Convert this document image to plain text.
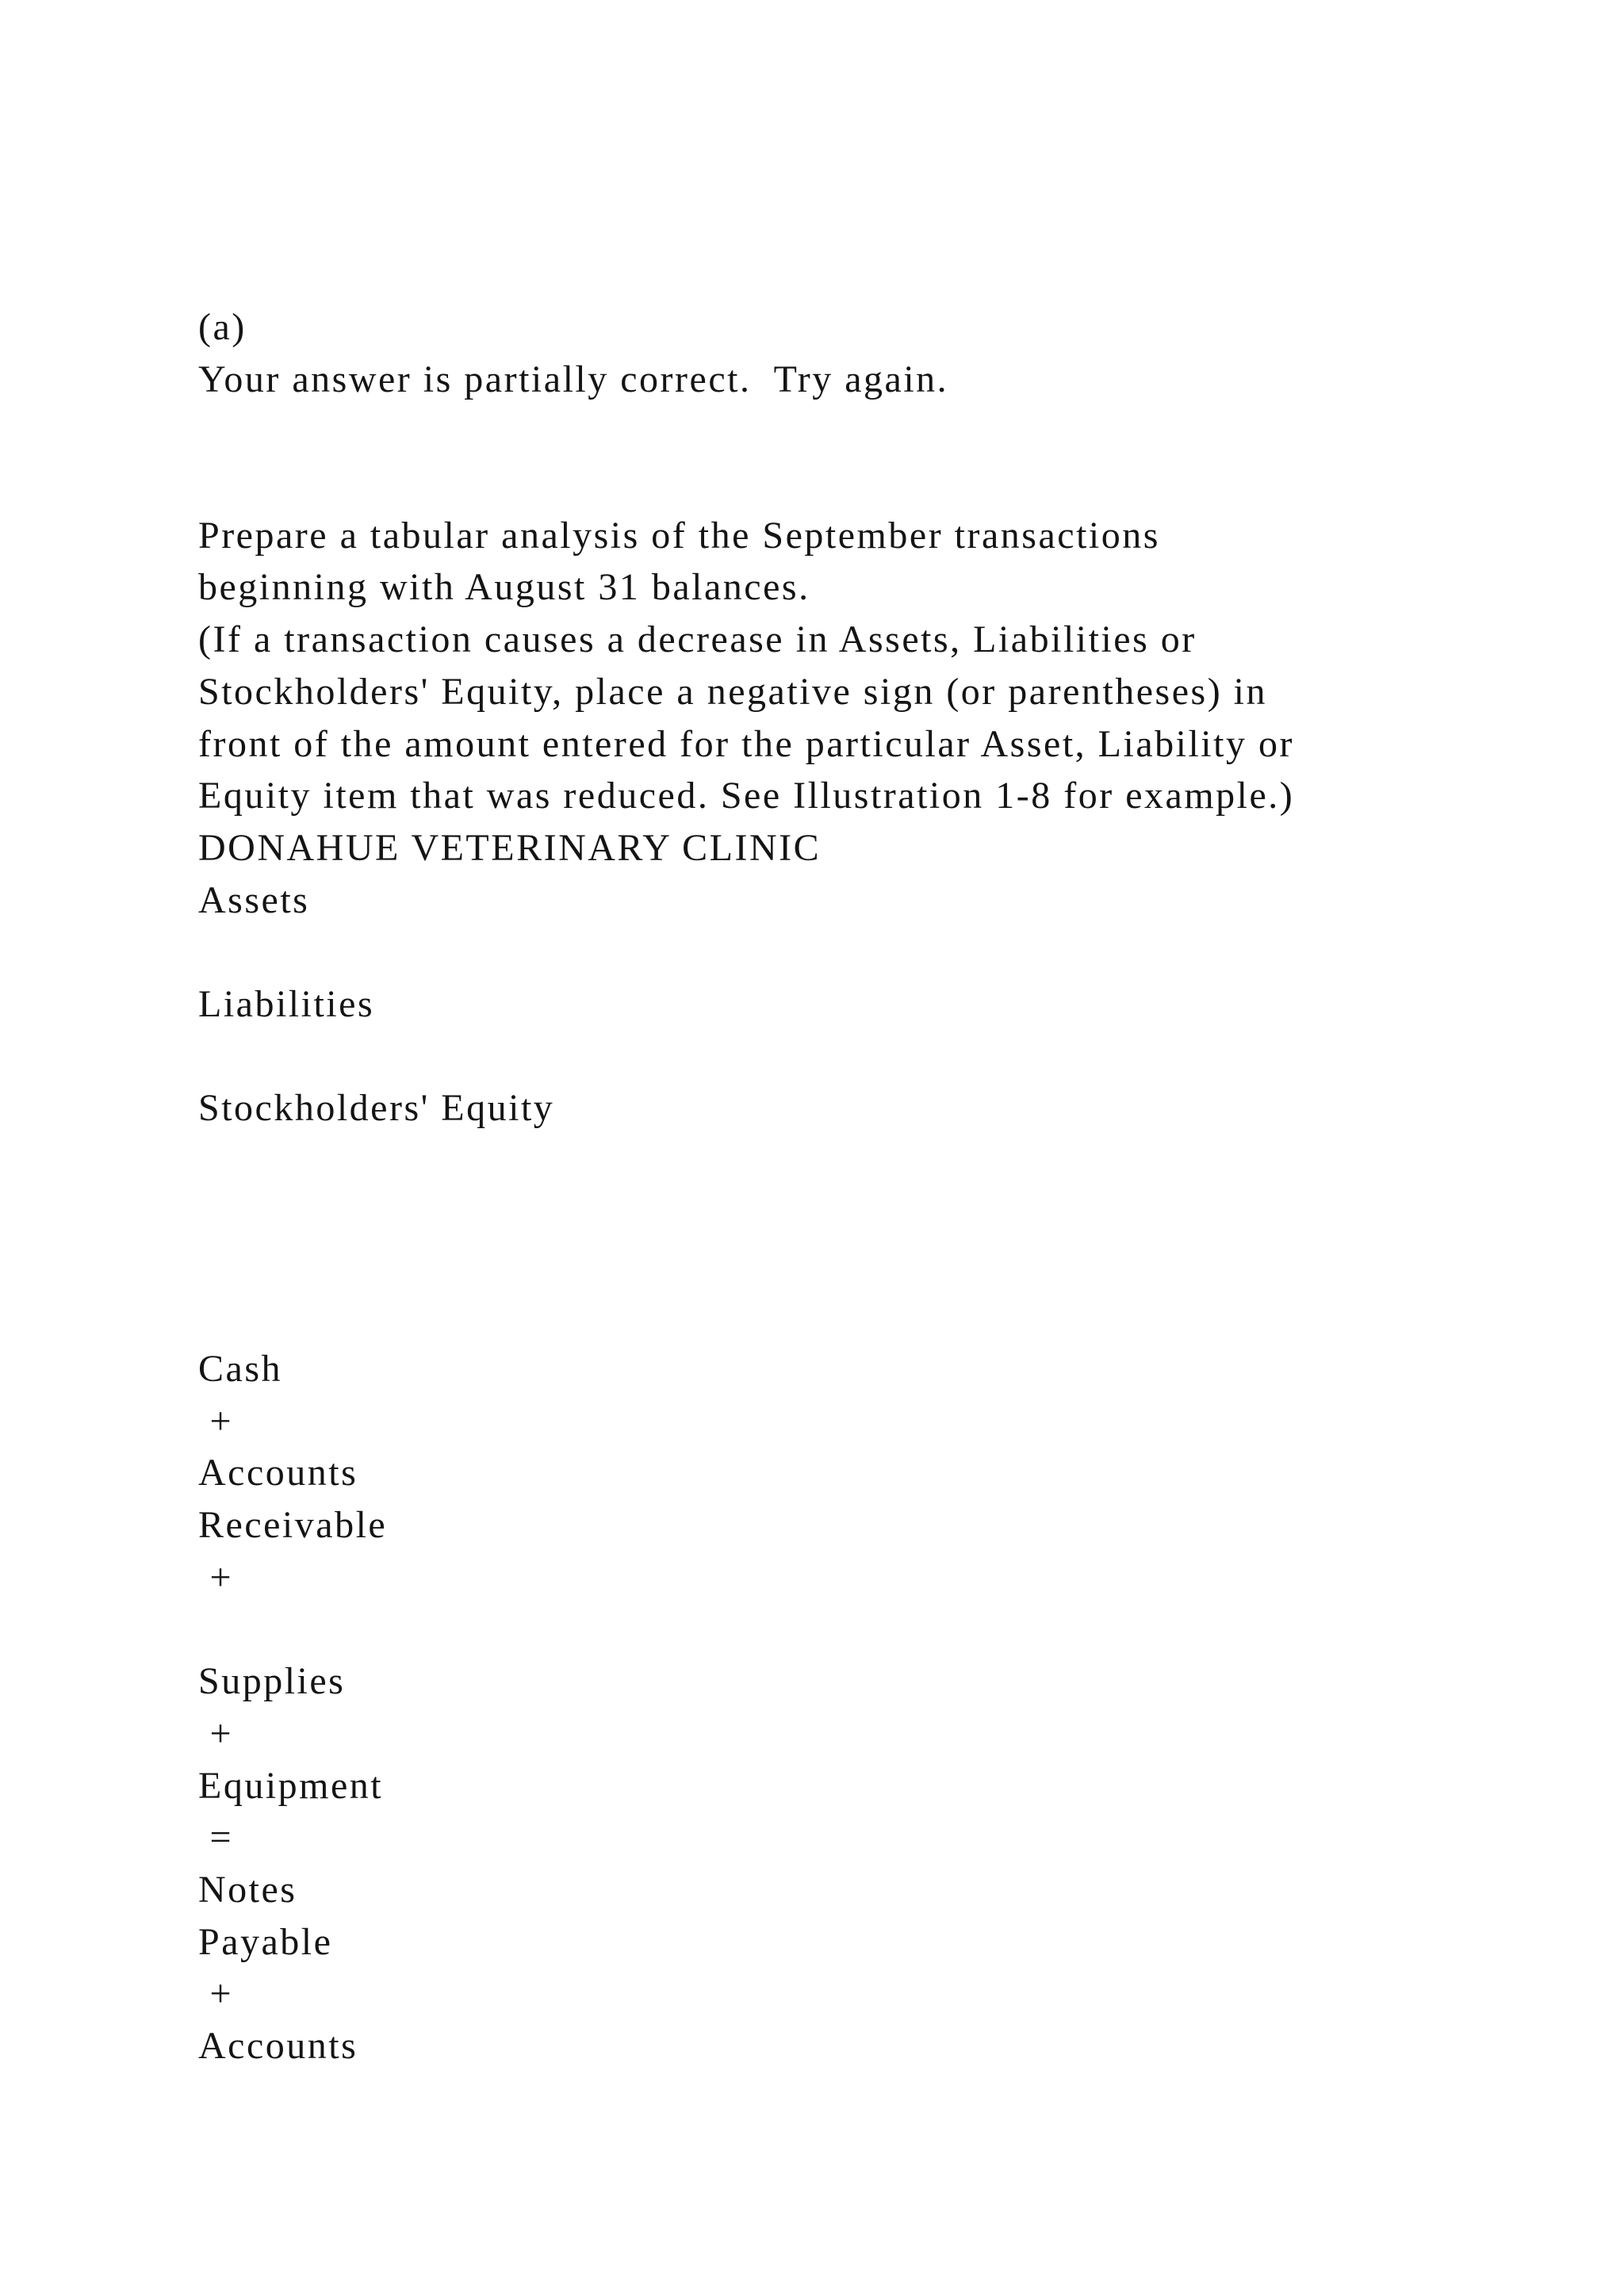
(a)
Your answer is partially correct.  Try again.
Prepare a tabular analysis of the September transactions
beginning with August 31 balances.
(If a transaction causes a decrease in Assets, Liabilities or
Stockholders' Equity, place a negative sign (or parentheses) in
front of the amount entered for the particular Asset, Liability or
Equity item that was reduced. See Illustration 1-8 for example.)
DONAHUE VETERINARY CLINIC
Assets
Liabilities
Stockholders' Equity
Cash
+
Accounts
Receivable
+
Supplies
+
Equipment
=
Notes
Payable
+
Accounts
